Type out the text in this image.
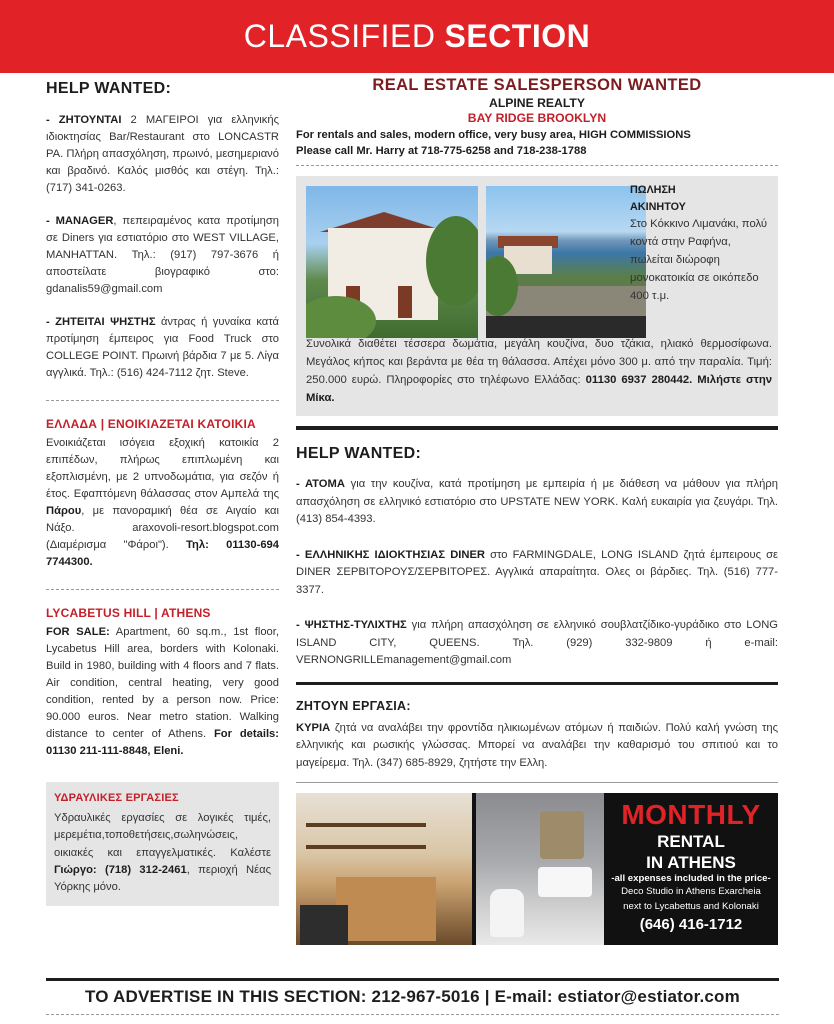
CLASSIFIED SECTION
HELP WANTED:

- ΖΗΤΟΥΝΤΑΙ 2 ΜΑΓΕΙΡΟΙ για ελληνικής ιδιοκτησίας Bar/Restaurant στο LONCASTR PA. Πλήρη απασχόληση, πρωινό, μεσημεριανό και βραδινό. Καλός μισθός και στέγη. Τηλ.: (717) 341-0263.

- MANAGER, πεπειραμένος κατα προτίμηση σε Diners για εστιατόριο στο WEST VILLAGE, MANHATTAN. Τηλ.: (917) 797-3676 ή αποστείλατε βιογραφικό στο: gdanalis59@gmail.com

- ΖΗΤΕΙΤΑΙ ΨΗΣΤΗΣ άντρας ή γυναίκα κατά προτίμηση έμπειρος για Food Truck στο COLLEGE POINT. Πρωινή βάρδια 7 με 5. Λίγα αγγλικά. Τηλ.: (516) 424-7112 ζητ. Steve.

ΕΛΛΑΔΑ | ΕΝΟΙΚΙΑΖΕΤΑΙ ΚΑΤΟΙΚΙΑ

Ενοικιάζεται ισόγεια εξοχική κατοικία 2 επιπέδων, πλήρως επιπλωμένη και εξοπλισμένη, με 2 υπνοδωμάτια, για σεζόν ή έτος. Εφαπτόμενη θάλασσας στον Αμπελά της Πάρου, με πανοραμική θέα σε Αιγαίο και Νάξο. araxovoli-resort.blogspot.com (Διαμέρισμα "Φάροι"). Τηλ: 01130-694 7744300.

LYCABETUS HILL | ATHENS

FOR SALE: Apartment, 60 sq.m., 1st floor, Lycabetus Hill area, borders with Kolonaki. Build in 1980, building with 4 floors and 7 flats. Air condition, central heating, very good condition, rented by a person now. Price: 90.000 euros. Near metro station. Walking distance to center of Athens. For details: 01130 211-111-8848, Eleni.

ΥΔΡΑΥΛΙΚΕΣ ΕΡΓΑΣΙΕΣ

Υδραυλικές εργασίες σε λογικές τιμές, μερεμέτια,τοποθετήσεις,σωληνώσεις, οικιακές και επαγγελματικές. Καλέστε Γιώργο: (718) 312-2461, περιοχή Νέας Υόρκης μόνο.

REAL ESTATE SALESPERSON WANTED
ALPINE REALTY
BAY RIDGE BROOKLYN
For rentals and sales, modern office, very busy area, HIGH COMMISSIONS
Please call Mr. Harry at 718-775-6258 and 718-238-1788
ΠΩΛΗΣΗ
ΑΚΙΝΗΤΟΥ
Στο Κόκκινο Λιμανάκι, πολύ κοντά στην Ραφήνα, πωλείται διώροφη μονοκατοικία σε οικόπεδο 400 τ.μ.

Συνολικά διαθέτει τέσσερα δωμάτια, μεγάλη κουζίνα, δυο τζάκια, ηλιακό θερμοσίφωνα. Μεγάλος κήπος και βεράντα με θέα τη θάλασσα. Απέχει μόνο 300 μ. από την παραλία. Τιμή: 250.000 ευρώ. Πληροφορίες στο τηλέφωνο Ελλάδας: 01130 6937 280442. Μιλήστε στην Μίκα.

HELP WANTED:

- ΑΤΟΜΑ για την κουζίνα, κατά προτίμηση με εμπειρία ή με διάθεση να μάθουν για πλήρη απασχόληση σε ελληνικό εστιατόριο στο UPSTATE NEW YORK. Καλή ευκαιρία για ζευγάρι. Τηλ. (413) 854-4393.

- ΕΛΛΗΝΙΚΗΣ ΙΔΙΟΚΤΗΣΙΑΣ DINER στο FARMINGDALE, LONG ISLAND ζητά έμπειρους σε DINER ΣΕΡΒΙΤΟΡΟΥΣ/ΣΕΡΒΙΤΟΡΕΣ. Αγγλικά απαραίτητα. Ολες οι βάρδιες. Τηλ. (516) 777-3377.

- ΨΗΣΤΗΣ-ΤΥΛΙΧΤΗΣ για πλήρη απασχόληση σε ελληνικό σουβλατζίδικο-γυράδικο στο LONG ISLAND CITY, QUEENS. Τηλ. (929) 332-9809 ή e-mail: VERNONGRILLEmanagement@gmail.com

ΖΗΤΟΥΝ ΕΡΓΑΣΙΑ:

ΚΥΡΙΑ ζητά να αναλάβει την φροντίδα ηλικιωμένων ατόμων ή παιδιών. Πολύ καλή γνώση της ελληνικής και ρωσικής γλώσσας. Μπορεί να αναλάβει την καθαρισμό του σπιτιού και το μαγείρεμα. Τηλ. (347) 685-8929, ζητήστε την Ελλη.

MONTHLY
RENTAL
IN ATHENS
-all expenses included in the price-
Deco Studio in Athens Exarcheia
next to Lycabettus and Kolonaki
(646) 416-1712
TO ADVERTISE IN THIS SECTION: 212-967-5016 | E-mail: estiator@estiator.com
